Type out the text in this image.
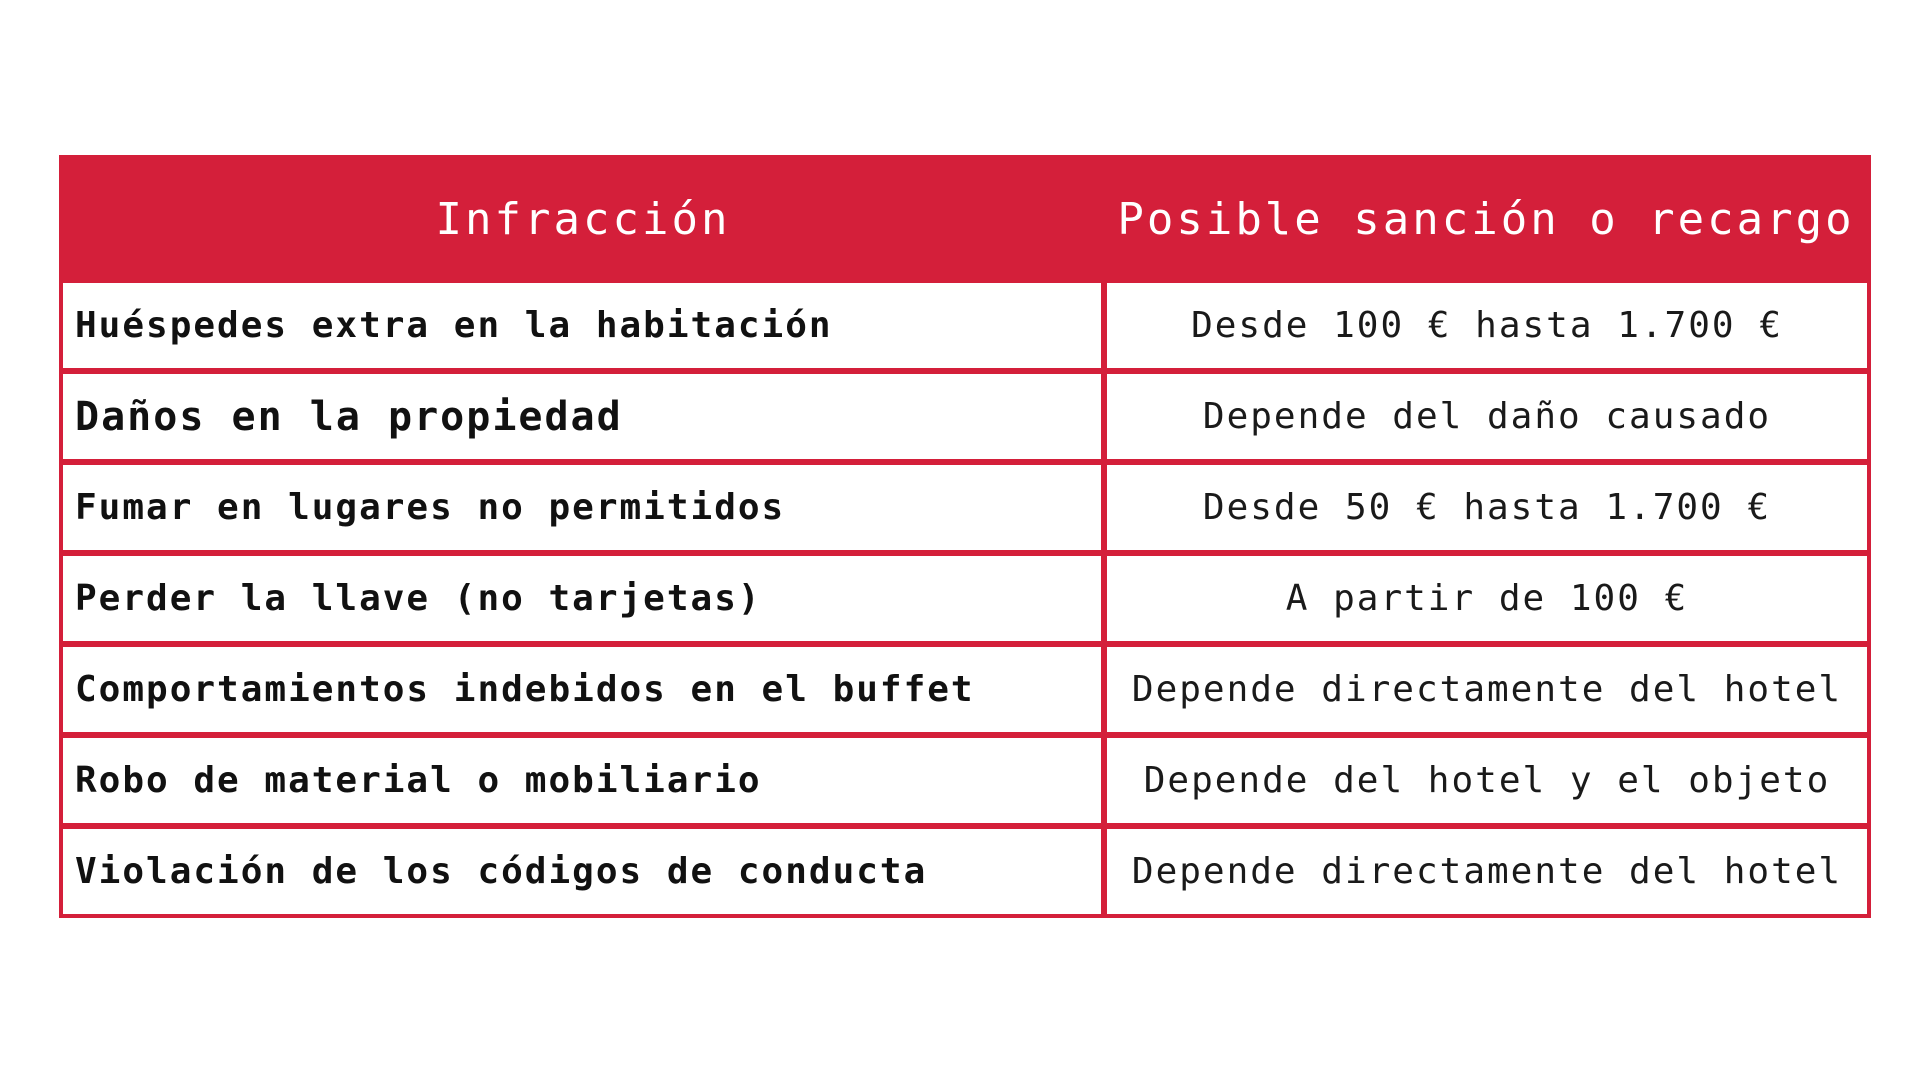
Infracción	Posible sanción o recargo
Huéspedes extra en la habitación	Desde 100 € hasta 1.700 €
Daños en la propiedad	Depende del daño causado
Fumar en lugares no permitidos	Desde 50 € hasta 1.700 €
Perder la llave (no tarjetas)	A partir de 100 €
Comportamientos indebidos en el buffet	Depende directamente del hotel
Robo de material o mobiliario	Depende del hotel y el objeto
Violación de los códigos de conducta	Depende directamente del hotel
